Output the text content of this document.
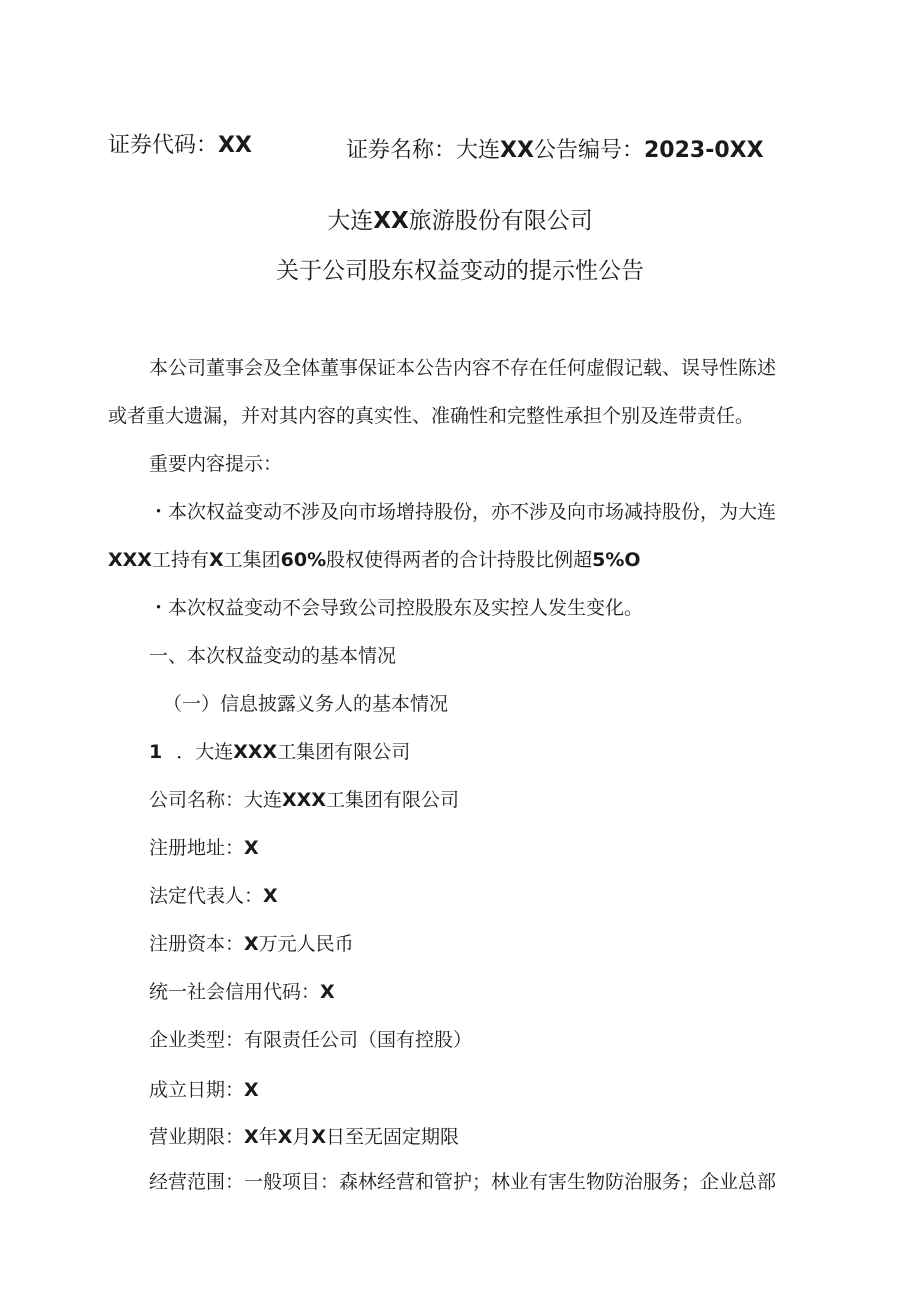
证券代码：XX	证券名称：大连XX公告编号：2023-0XX
大连XX旅游股份有限公司
关于公司股东权益变动的提示性公告
本公司董事会及全体董事保证本公告内容不存在任何虚假记载、误导性陈述
或者重大遗漏，并对其内容的真实性、准确性和完整性承担个别及连带责任。
重要内容提示：
・本次权益变动不涉及向市场增持股份，亦不涉及向市场减持股份，为大连
XXX工持有X工集团60%股权使得两者的合计持股比例超5%O
・本次权益变动不会导致公司控股股东及实控人发生变化。
一、本次权益变动的基本情况
（一）信息披露义务人的基本情况
1 ．大连XXX工集团有限公司
公司名称：大连XXX工集团有限公司
注册地址：X
法定代表人：X
注册资本：X万元人民币
统一社会信用代码：X
企业类型：有限责任公司（国有控股）
成立日期：X
营业期限：X年X月X日至无固定期限
经营范围：一般项目：森林经营和管护；林业有害生物防治服务；企业总部
